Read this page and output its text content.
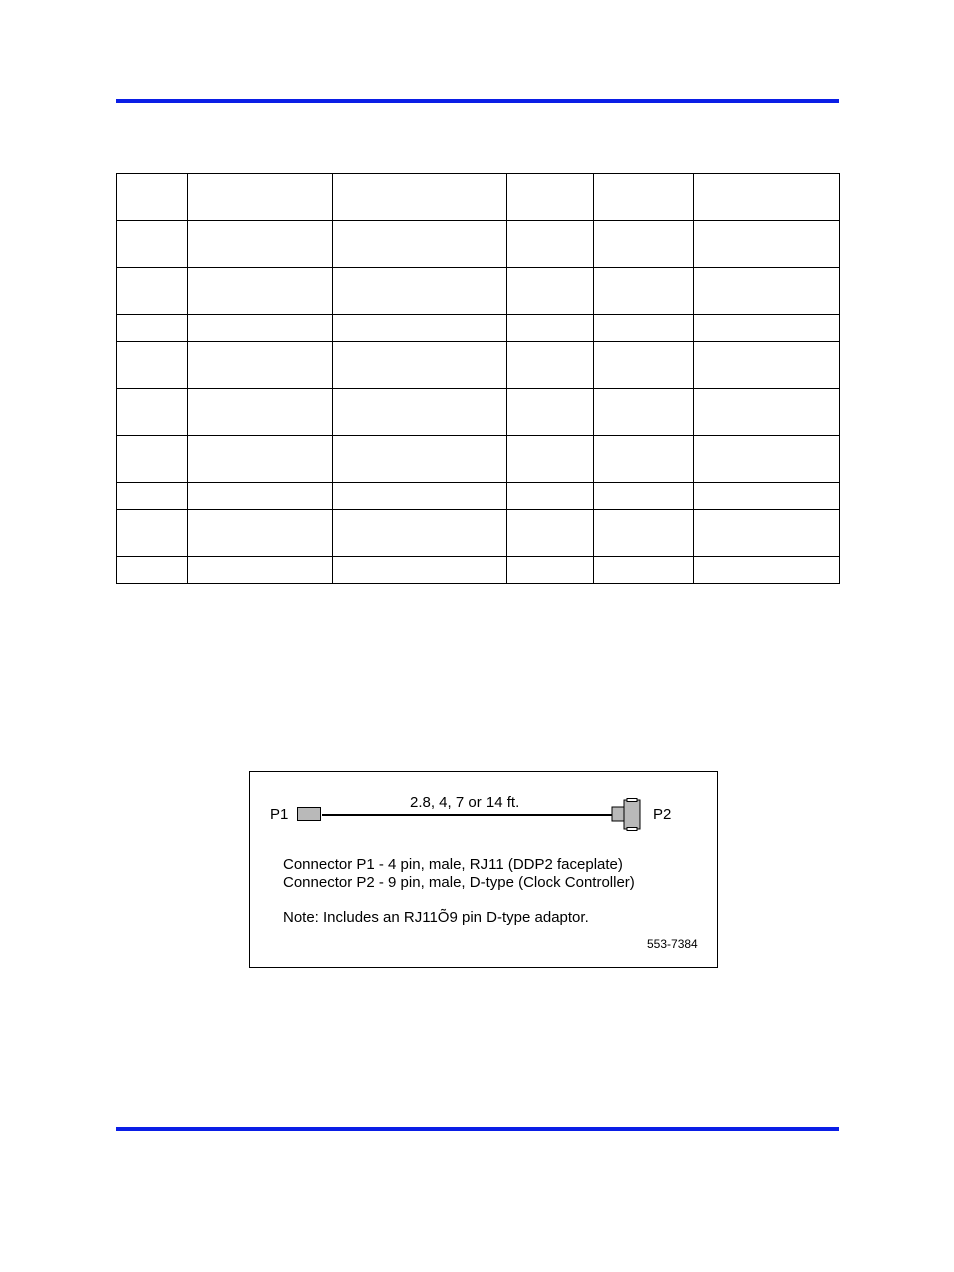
P1
2.8, 4, 7 or 14 ft.
P2
Connector P1 - 4 pin, male, RJ11 (DDP2 faceplate)
Connector P2 - 9 pin, male, D-type (Clock Controller)
Note: Includes an RJ11Õ9 pin D-type adaptor.
553-7384
